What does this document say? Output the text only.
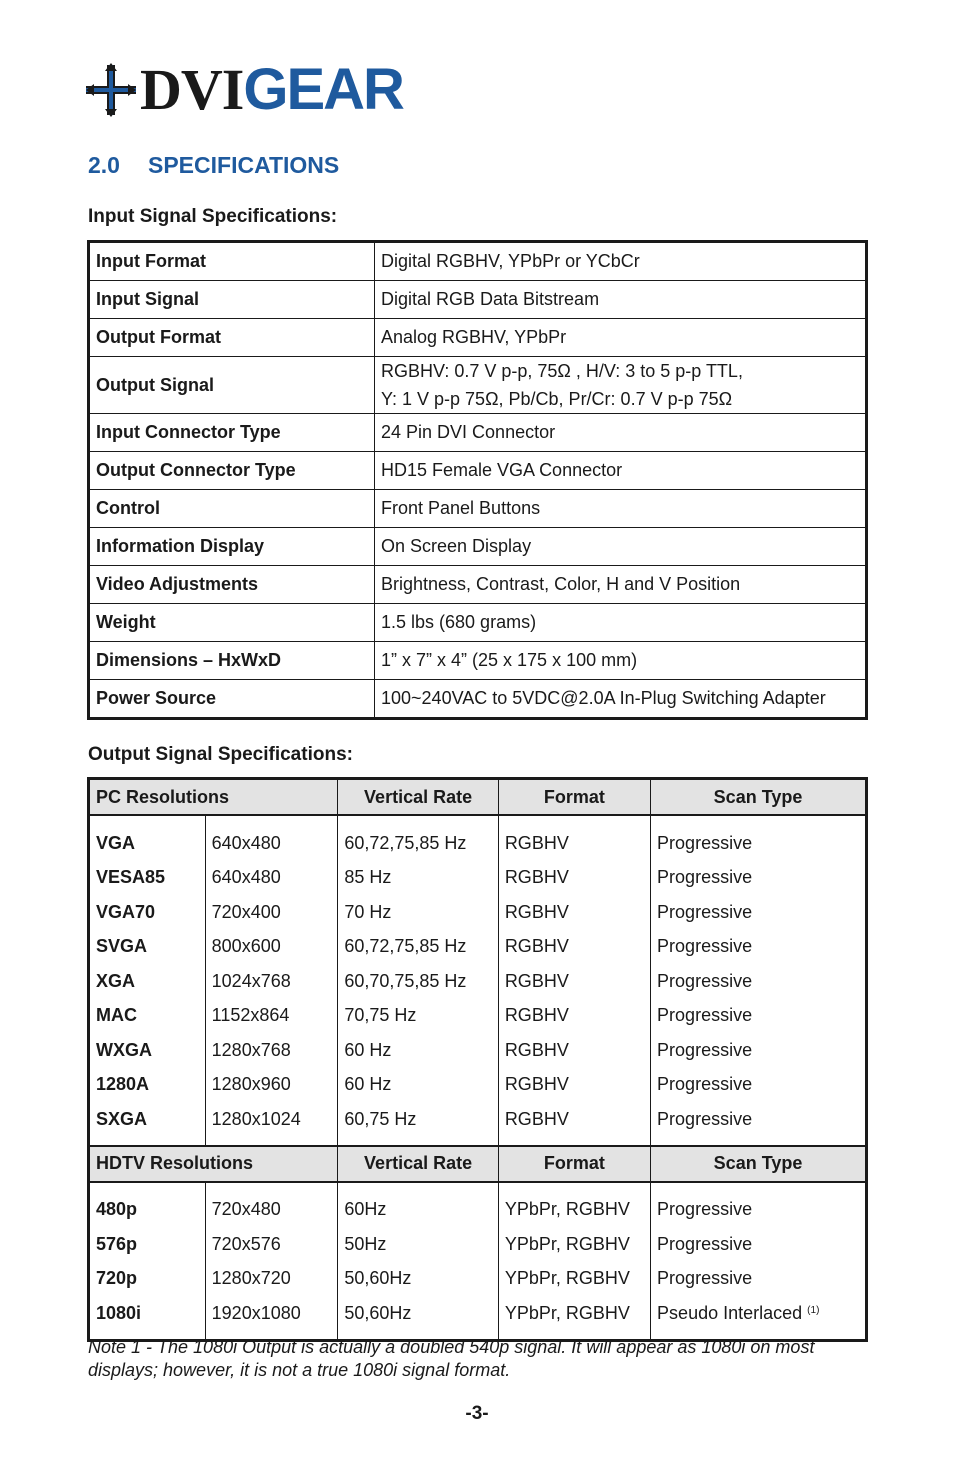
DVIGEAR
2.0 SPECIFICATIONS
Input Signal Specifications:
Input Format	Digital RGBHV, YPbPr or YCbCr
Input Signal	Digital RGB Data Bitstream
Output Format	Analog RGBHV, YPbPr
Output Signal	RGBHV: 0.7 V p-p, 75Ω , H/V: 3 to 5 p-p TTL,
Y: 1 V p-p 75Ω, Pb/Cb, Pr/Cr: 0.7 V p-p 75Ω

Input Connector Type	24 Pin DVI Connector
Output Connector Type	HD15 Female VGA Connector
Control	Front Panel Buttons
Information Display	On Screen Display
Video Adjustments	Brightness, Contrast, Color, H and V Position
Weight	1.5 lbs (680 grams)
Dimensions – HxWxD	1” x 7” x 4” (25 x 175 x 100 mm)
Power Source	100~240VAC to 5VDC@2.0A In-Plug Switching Adapter
Output Signal Specifications:
PC Resolutions		Vertical Rate	Format	Scan Type
VGA	640x480	60,72,75,85 Hz	RGBHV	Progressive
VESA85	640x480	85 Hz	RGBHV	Progressive
VGA70	720x400	70 Hz	RGBHV	Progressive
SVGA	800x600	60,72,75,85 Hz	RGBHV	Progressive
XGA	1024x768	60,70,75,85 Hz	RGBHV	Progressive
MAC	1152x864	70,75 Hz	RGBHV	Progressive
WXGA	1280x768	60 Hz	RGBHV	Progressive
1280A	1280x960	60 Hz	RGBHV	Progressive
SXGA	1280x1024	60,75 Hz	RGBHV	Progressive
HDTV Resolutions		Vertical Rate	Format	Scan Type
480p	720x480	60Hz	YPbPr, RGBHV	Progressive
576p	720x576	50Hz	YPbPr, RGBHV	Progressive
720p	1280x720	50,60Hz	YPbPr, RGBHV	Progressive
1080i	1920x1080	50,60Hz	YPbPr, RGBHV	Pseudo Interlaced $^{(1)}$
Note 1 - The 1080i Output is actually a doubled 540p signal. It will appear as 1080i on most displays; however, it is not a true 1080i signal format.
-3-
